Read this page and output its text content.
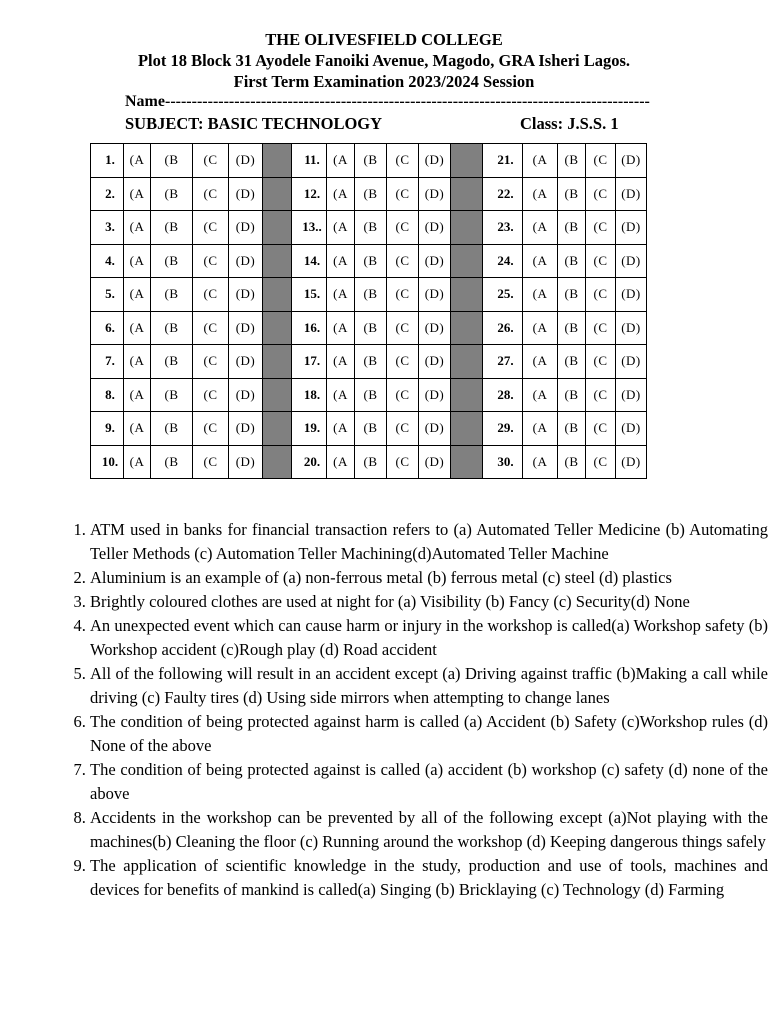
THE OLIVESFIELD COLLEGE
Plot 18 Block 31 Ayodele Fanoiki Avenue, Magodo, GRA Isheri Lagos.
First Term Examination 2023/2024 Session
Name-------------------------------------------------------------------------------------------
SUBJECT: BASIC TECHNOLOGY	Class: J.S.S. 1
1.	(A	(B	(C	(D)		11.	(A	(B	(C	(D)		21.	(A	(B	(C	(D)
2.	(A	(B	(C	(D)		12.	(A	(B	(C	(D)		22.	(A	(B	(C	(D)
3.	(A	(B	(C	(D)		13..	(A	(B	(C	(D)		23.	(A	(B	(C	(D)
4.	(A	(B	(C	(D)		14.	(A	(B	(C	(D)		24.	(A	(B	(C	(D)
5.	(A	(B	(C	(D)		15.	(A	(B	(C	(D)		25.	(A	(B	(C	(D)
6.	(A	(B	(C	(D)		16.	(A	(B	(C	(D)		26.	(A	(B	(C	(D)
7.	(A	(B	(C	(D)		17.	(A	(B	(C	(D)		27.	(A	(B	(C	(D)
8.	(A	(B	(C	(D)		18.	(A	(B	(C	(D)		28.	(A	(B	(C	(D)
9.	(A	(B	(C	(D)		19.	(A	(B	(C	(D)		29.	(A	(B	(C	(D)
10.	(A	(B	(C	(D)		20.	(A	(B	(C	(D)		30.	(A	(B	(C	(D)
1. ATM used in banks for financial transaction refers to (a) Automated Teller Medicine (b) Automating Teller Methods (c) Automation Teller Machining(d)Automated Teller Machine
2. Aluminium is an example of (a) non-ferrous metal (b) ferrous metal (c) steel (d) plastics
3. Brightly coloured clothes are used at night for (a) Visibility (b) Fancy (c) Security(d) None
4. An unexpected event which can cause harm or injury in the workshop is called(a) Workshop safety (b) Workshop accident (c)Rough play (d) Road accident
5. All of the following will result in an accident except (a) Driving against traffic (b)Making a call while driving (c) Faulty tires (d) Using side mirrors when attempting to change lanes
6. The condition of being protected against harm is called (a) Accident (b) Safety (c)Workshop rules (d) None of the above
7. The condition of being protected against is called (a) accident (b) workshop (c) safety (d) none of the above
8. Accidents in the workshop can be prevented by all of the following except (a)Not playing with the machines(b) Cleaning the floor (c) Running around the workshop (d) Keeping dangerous things safely
9. The application of scientific knowledge in the study, production and use of tools, machines and devices for benefits of mankind is called(a) Singing (b) Bricklaying (c) Technology (d) Farming
